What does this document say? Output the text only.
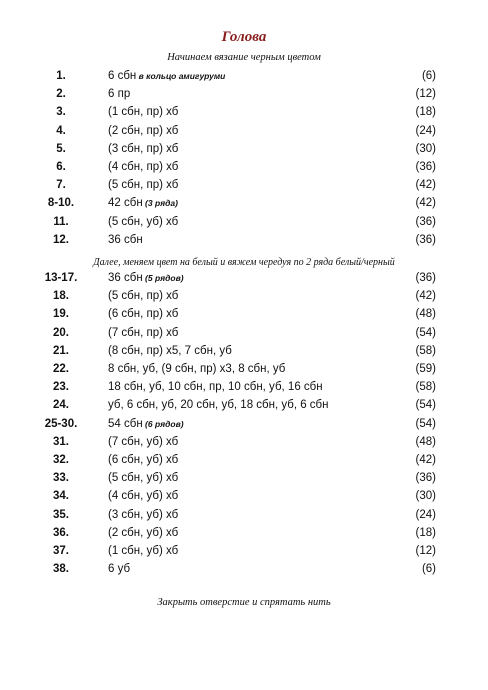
Голова
Начинаем вязание черным цветом
1.	6 сбн в кольцо амигуруми	(6)
2.	6 пр	(12)
3.	(1 сбн, пр) хб	(18)
4.	(2 сбн, пр) хб	(24)
5.	(3 сбн, пр) хб	(30)
6.	(4 сбн, пр) хб	(36)
7.	(5 сбн, пр) хб	(42)
8-10.	42 сбн (3 ряда)	(42)
11.	(5 сбн, уб) хб	(36)
12.	36 сбн	(36)
Далее, меняем цвет на белый и вяжем чередуя по 2 ряда белый/черный
13-17.	36 сбн (5 рядов)	(36)
18.	(5 сбн, пр) хб	(42)
19.	(6 сбн, пр) хб	(48)
20.	(7 сбн, пр) хб	(54)
21.	(8 сбн, пр) х5, 7 сбн, уб	(58)
22.	8 сбн, уб, (9 сбн, пр) х3, 8 сбн, уб	(59)
23.	18 сбн, уб, 10 сбн, пр, 10 сбн, уб, 16 сбн	(58)
24.	уб, 6 сбн, уб, 20 сбн, уб, 18 сбн, уб, 6 сбн	(54)
25-30.	54 сбн (6 рядов)	(54)
31.	(7 сбн, уб) хб	(48)
32.	(6 сбн, уб) хб	(42)
33.	(5 сбн, уб) хб	(36)
34.	(4 сбн, уб) хб	(30)
35.	(3 сбн, уб) хб	(24)
36.	(2 сбн, уб) хб	(18)
37.	(1 сбн, уб) хб	(12)
38.	6 уб	(6)
Закрыть отверстие и спрятать нить
